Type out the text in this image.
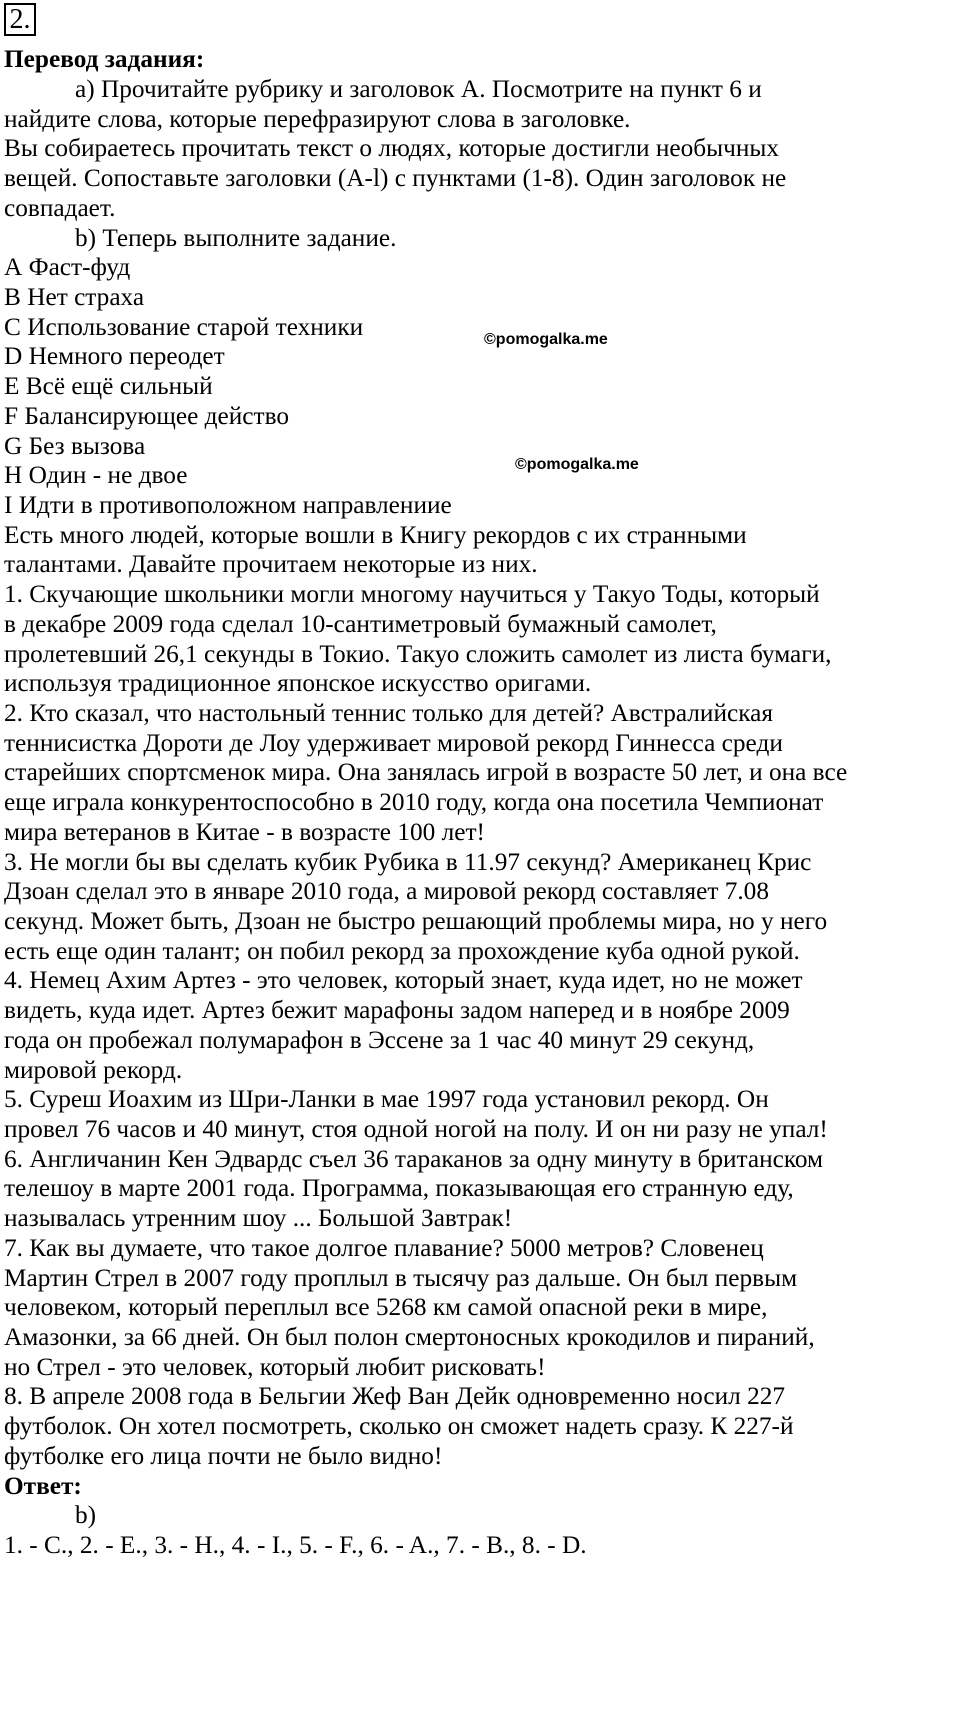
2.
Перевод задания:
а) Прочитайте рубрику и заголовок А. Посмотрите на пункт 6 и
найдите слова, которые перефразируют слова в заголовке.
Вы собираетесь прочитать текст о людях, которые достигли необычных
вещей. Сопоставьте заголовки (A-l) с пунктами (1-8). Один заголовок не
совпадает.
b) Теперь выполните задание.
А Фаст-фуд
В Нет страха
С Использование старой техники
D Немного переодет
Е Всё ещё сильный
F Балансирующее действо
G Без вызова
Н Один - не двое
I Идти в противоположном направлениие
©pomogalka.me
©pomogalka.me
Есть много людей, которые вошли в Книгу рекордов с их странными
талантами. Давайте прочитаем некоторые из них.
1. Скучающие школьники могли многому научиться у Такуо Тоды, который
в декабре 2009 года сделал 10-сантиметровый бумажный самолет,
пролетевший 26,1 секунды в Токио. Такуо сложить самолет из листа бумаги,
используя традиционное японское искусство оригами.
2. Кто сказал, что настольный теннис только для детей? Австралийская
теннисистка Дороти де Лоу удерживает мировой рекорд Гиннесса среди
старейших спортсменок мира. Она занялась игрой в возрасте 50 лет, и она все
еще играла конкурентоспособно в 2010 году, когда она посетила Чемпионат
мира ветеранов в Китае - в возрасте 100 лет!
3. Не могли бы вы сделать кубик Рубика в 11.97 секунд? Американец Крис
Дзоан сделал это в январе 2010 года, а мировой рекорд составляет 7.08
секунд. Может быть, Дзоан не быстро решающий проблемы мира, но у него
есть еще один талант; он побил рекорд за прохождение куба одной рукой.
4. Немец Ахим Артез - это человек, который знает, куда идет, но не может
видеть, куда идет. Артез бежит марафоны задом наперед и в ноябре 2009
года он пробежал полумарафон в Эссене за 1 час 40 минут 29 секунд,
мировой рекорд.
5. Суреш Иоахим из Шри-Ланки в мае 1997 года установил рекорд. Он
провел 76 часов и 40 минут, стоя одной ногой на полу. И он ни разу не упал!
6. Англичанин Кен Эдвардс съел 36 тараканов за одну минуту в британском
телешоу в марте 2001 года. Программа, показывающая его странную еду,
называлась утренним шоу ... Большой Завтрак!
7. Как вы думаете, что такое долгое плавание? 5000 метров? Словенец
Мартин Стрел в 2007 году проплыл в тысячу раз дальше. Он был первым
человеком, который переплыл все 5268 км самой опасной реки в мире,
Амазонки, за 66 дней. Он был полон смертоносных крокодилов и пираний,
но Стрел - это человек, который любит рисковать!
8. В апреле 2008 года в Бельгии Жеф Ван Дейк одновременно носил 227
футболок. Он хотел посмотреть, сколько он сможет надеть сразу. К 227-й
футболке его лица почти не было видно!
Ответ:
b)
1. - С., 2. - E., 3. - H., 4. - I., 5. - F., 6. - A., 7. - B., 8. - D.
